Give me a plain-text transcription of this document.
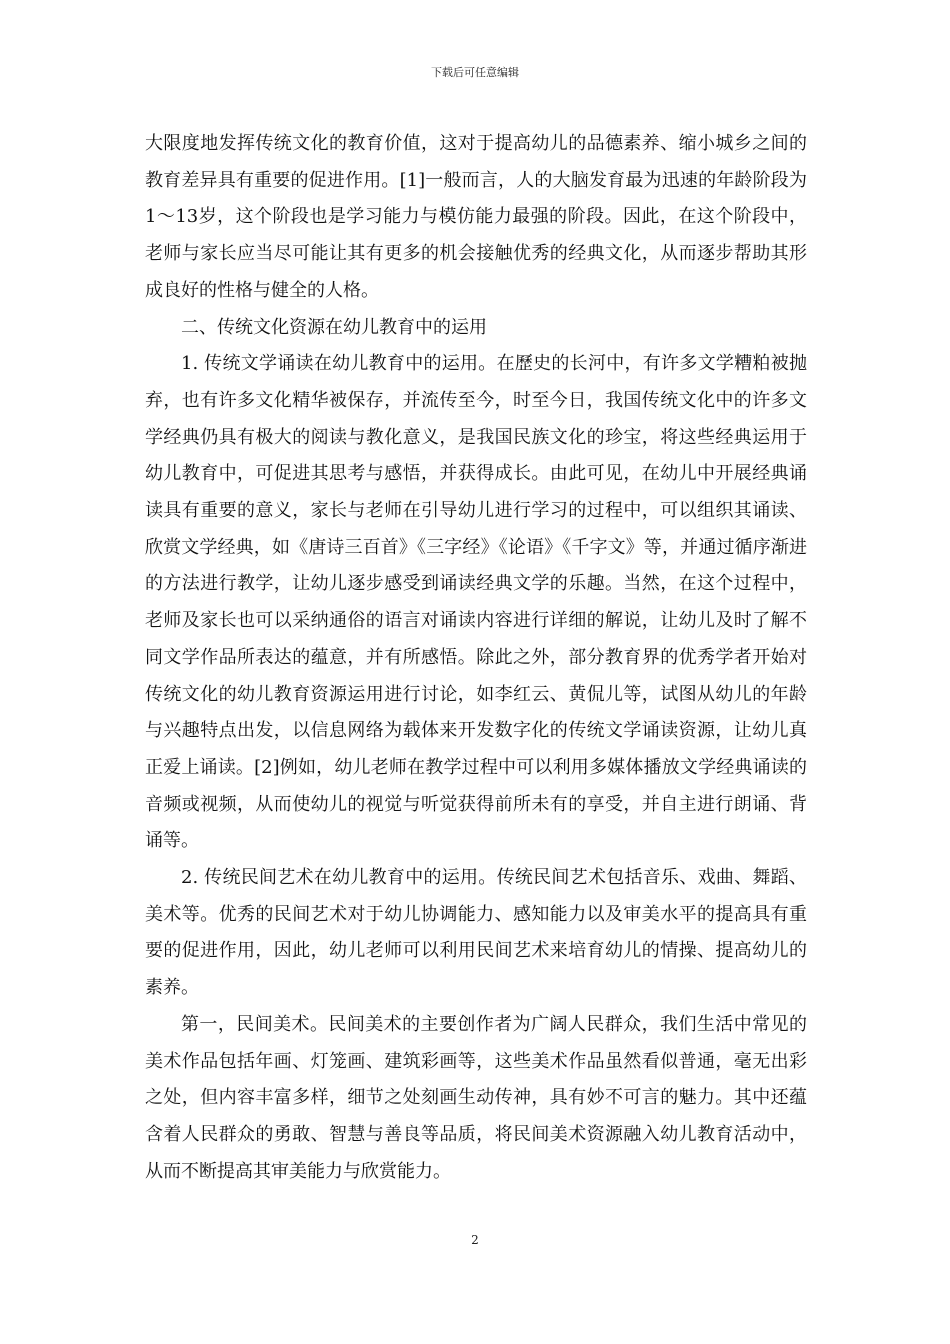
下载后可任意编辑

大限度地发挥传统文化的教育价值，这对于提高幼儿的品德素养、缩小城乡之间的教育差异具有重要的促进作用。[1]一般而言，人的大脑发育最为迅速的年龄阶段为1～13岁，这个阶段也是学习能力与模仿能力最强的阶段。因此，在这个阶段中，老师与家长应当尽可能让其有更多的机会接触优秀的经典文化，从而逐步帮助其形成良好的性格与健全的人格。

二、传统文化资源在幼儿教育中的运用

1. 传统文学诵读在幼儿教育中的运用。在歷史的长河中，有许多文学糟粕被抛弃，也有许多文化精华被保存，并流传至今，时至今日，我国传统文化中的许多文学经典仍具有极大的阅读与教化意义，是我国民族文化的珍宝，将这些经典运用于幼儿教育中，可促进其思考与感悟，并获得成长。由此可见，在幼儿中开展经典诵读具有重要的意义，家长与老师在引导幼儿进行学习的过程中，可以组织其诵读、欣赏文学经典，如《唐诗三百首》《三字经》《论语》《千字文》等，并通过循序渐进的方法进行教学，让幼儿逐步感受到诵读经典文学的乐趣。当然，在这个过程中，老师及家长也可以采纳通俗的语言对诵读内容进行详细的解说，让幼儿及时了解不同文学作品所表达的蕴意，并有所感悟。除此之外，部分教育界的优秀学者开始对传统文化的幼儿教育资源运用进行讨论，如李红云、黄侃儿等，试图从幼儿的年龄与兴趣特点出发，以信息网络为载体来开发数字化的传统文学诵读资源，让幼儿真正爱上诵读。[2]例如，幼儿老师在教学过程中可以利用多媒体播放文学经典诵读的音频或视频，从而使幼儿的视觉与听觉获得前所未有的享受，并自主进行朗诵、背诵等。

2. 传统民间艺术在幼儿教育中的运用。传统民间艺术包括音乐、戏曲、舞蹈、美术等。优秀的民间艺术对于幼儿协调能力、感知能力以及审美水平的提高具有重要的促进作用，因此，幼儿老师可以利用民间艺术来培育幼儿的情操、提高幼儿的素养。

第一，民间美术。民间美术的主要创作者为广阔人民群众，我们生活中常见的美术作品包括年画、灯笼画、建筑彩画等，这些美术作品虽然看似普通，毫无出彩之处，但内容丰富多样，细节之处刻画生动传神，具有妙不可言的魅力。其中还蕴含着人民群众的勇敢、智慧与善良等品质，将民间美术资源融入幼儿教育活动中，从而不断提高其审美能力与欣赏能力。

2
